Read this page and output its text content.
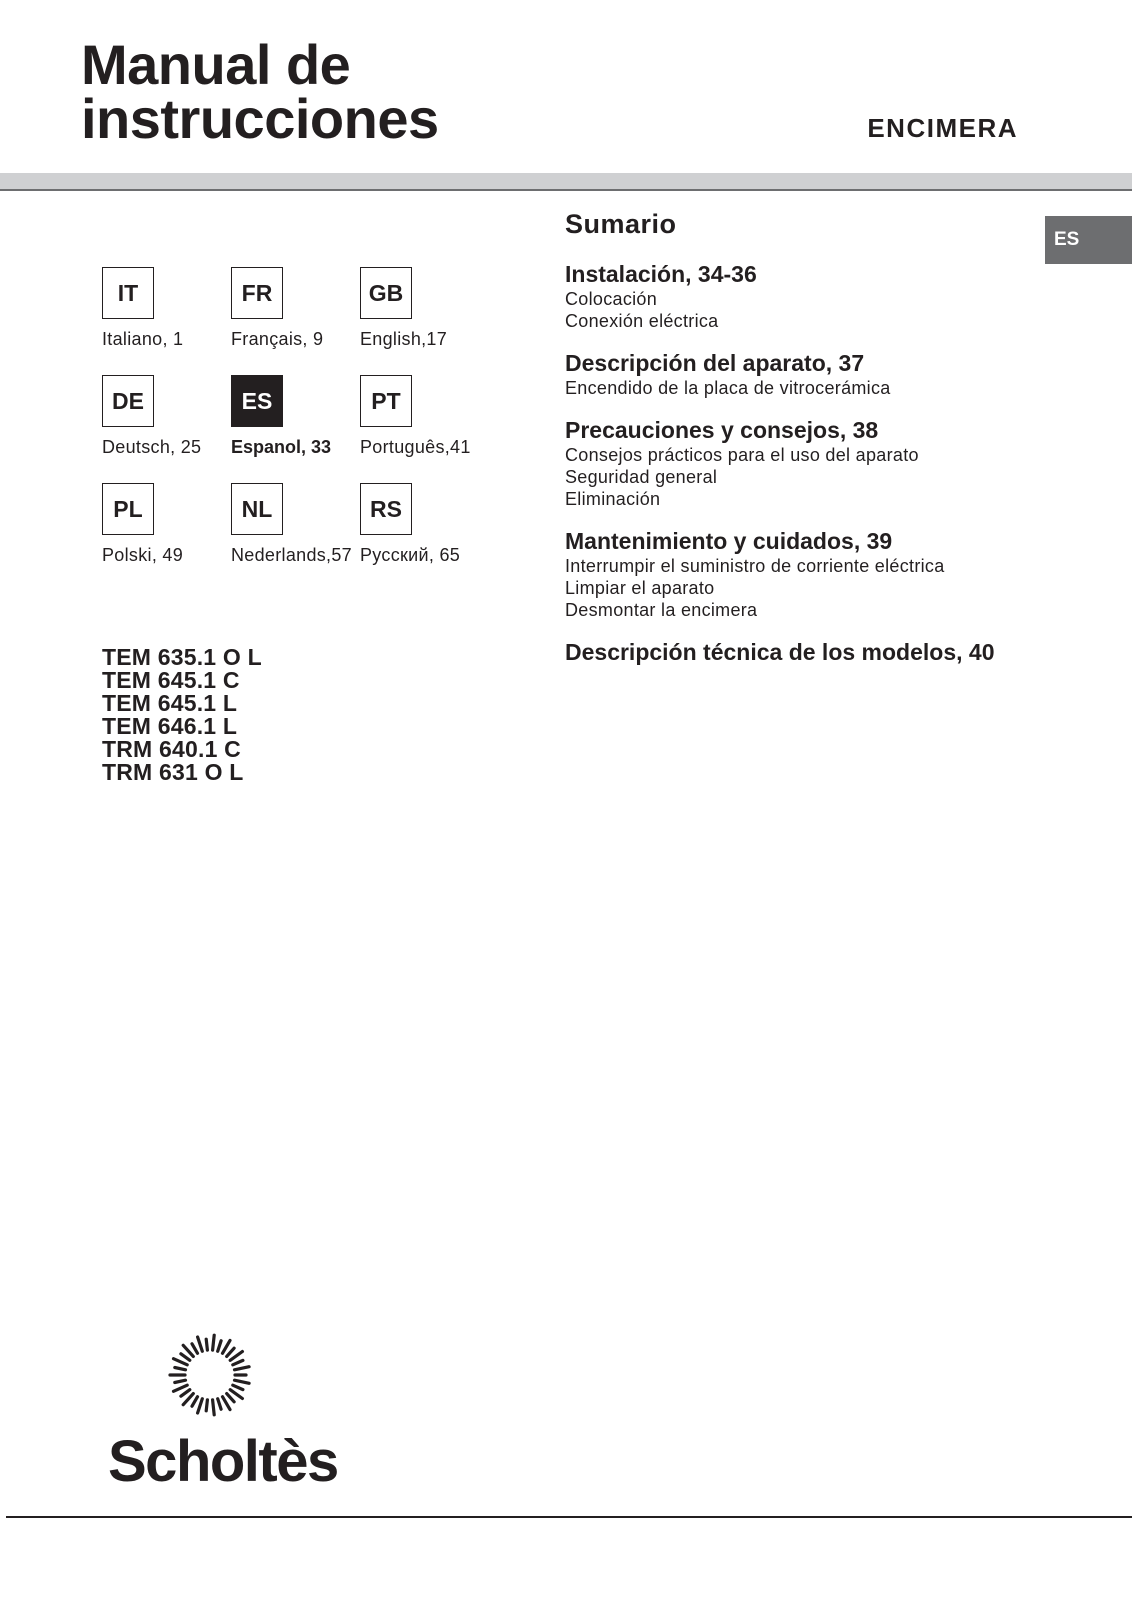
Manual de
instrucciones	ENCIMERA
ES
IT
Italiano, 1
FR
Français, 9
GB
English,17
DE
Deutsch, 25
ES
Espanol, 33
PT
Português,41
PL
Polski, 49
NL
Nederlands,57
RS
Русский, 65
TEM 635.1 O L
TEM 645.1 C
TEM 645.1 L
TEM 646.1 L
TRM 640.1 C
TRM 631 O L
Sumario
Instalación, 34-36
Colocación
Conexión eléctrica
Descripción del aparato, 37
Encendido de la placa de vitrocerámica
Precauciones y consejos, 38
Consejos prácticos para el uso del aparato
Seguridad general
Eliminación
Mantenimiento y cuidados, 39
Interrumpir el suministro de corriente eléctrica
Limpiar el aparato
Desmontar la encimera
Descripción técnica de los modelos, 40
Scholtès
